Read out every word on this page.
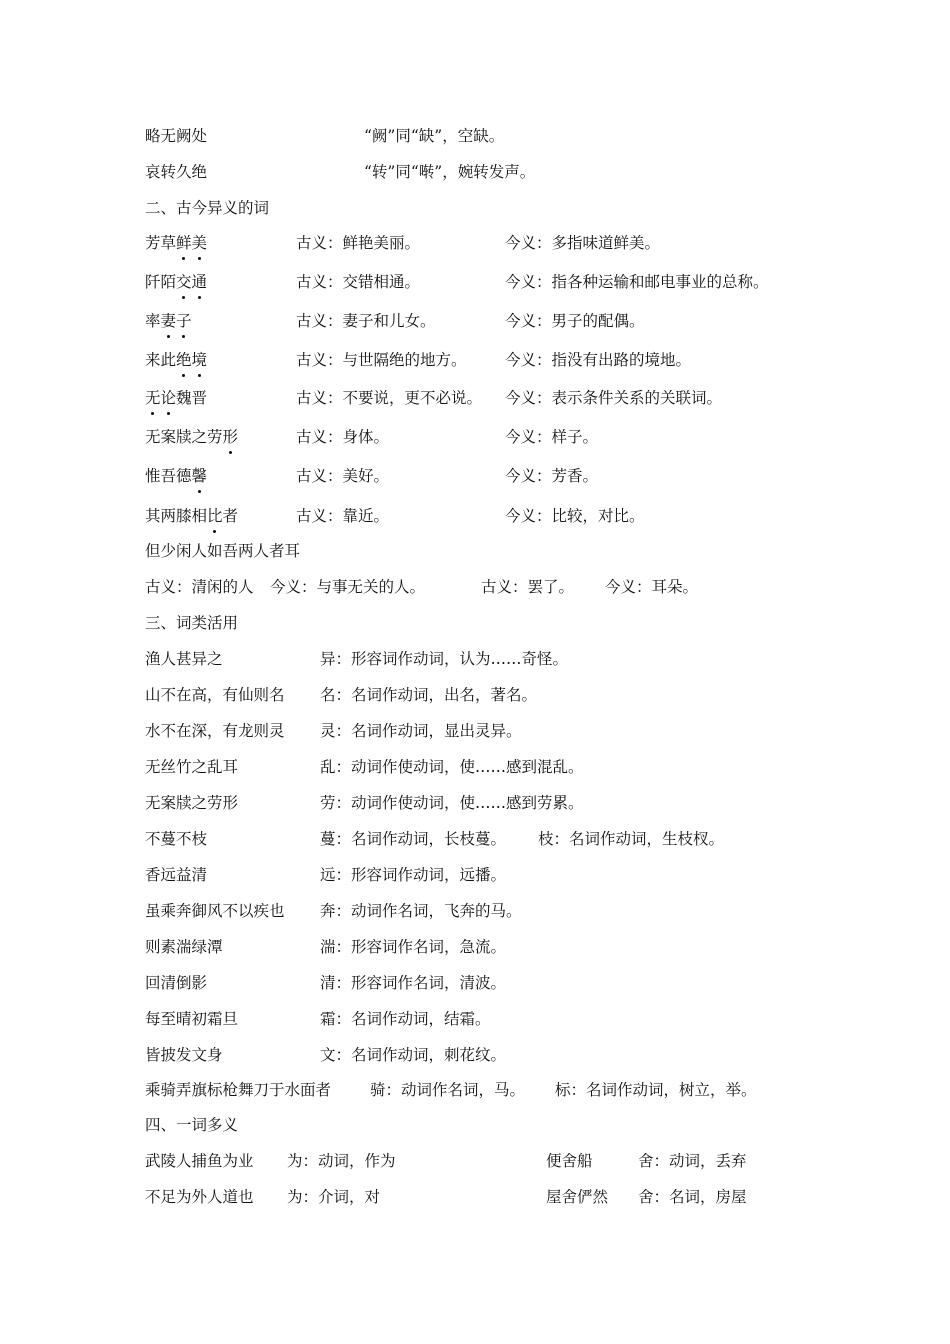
略无阙处	“阙”同“缺”，空缺。
哀转久绝	“转”同“啭”，婉转发声。
二、古今异义的词
芳草鲜美	古义：鲜艳美丽。	今义：多指味道鲜美。
阡陌交通	古义：交错相通。	今义：指各种运输和邮电事业的总称。
率妻子	古义：妻子和儿女。	今义：男子的配偶。
来此绝境	古义：与世隔绝的地方。 今义：指没有出路的境地。
无论魏晋	古义：不要说，更不必说。 今义：表示条件关系的关联词。
无案牍之劳形	古义：身体。	今义：样子。
惟吾德馨	古义：美好。	今义：芳香。
其两膝相比者	古义：靠近。	今义：比较，对比。
但少闲人如吾两人者耳
古义：清闲的人 今义：与事无关的人。	古义：罢了。 今义：耳朵。
三、词类活用
渔人甚异之	异：形容词作动词，认为……奇怪。
山不在高，有仙则名 名：名词作动词，出名，著名。
水不在深，有龙则灵 灵：名词作动词，显出灵异。
无丝竹之乱耳	乱：动词作使动词，使……感到混乱。
无案牍之劳形	劳：动词作使动词，使……感到劳累。
不蔓不枝	蔓：名词作动词，长枝蔓。 枝：名词作动词，生枝杈。
香远益清	远：形容词作动词，远播。
虽乘奔御风不以疾也 奔：动词作名词，飞奔的马。
则素湍绿潭	湍：形容词作名词，急流。
回清倒影	清：形容词作名词，清波。
每至晴初霜旦	霜：名词作动词，结霜。
皆披发文身	文：名词作动词，刺花纹。
乘骑弄旗标枪舞刀于水面者	骑：动词作名词，马。 标：名词作动词，树立，举。
四、一词多义
武陵人捕鱼为业 为：动词，作为	便舍船	舍：动词，丢弃
不足为外人道也 为：介词，对	屋舍俨然 舍：名词，房屋
